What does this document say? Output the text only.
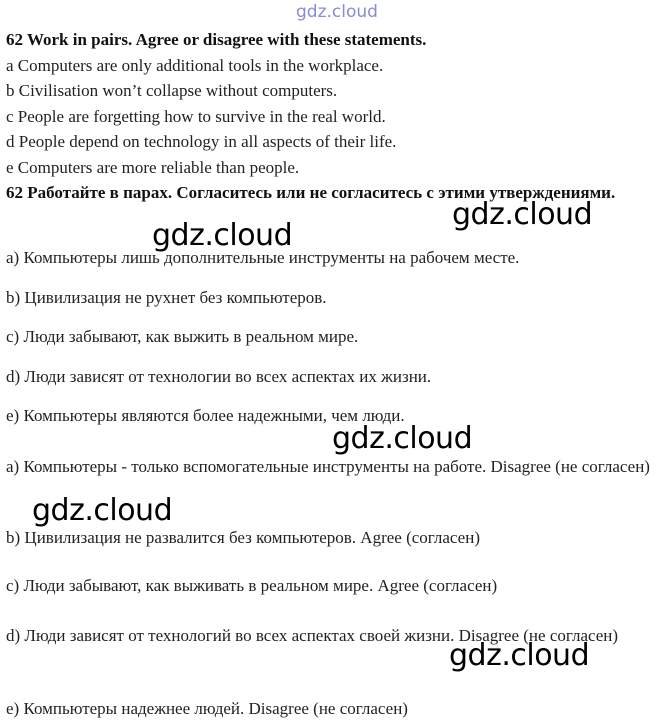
gdz.cloud
62 Work in pairs. Agree or disagree with these statements.
a Computers are only additional tools in the workplace.
b Civilisation won’t collapse without computers.
c People are forgetting how to survive in the real world.
d People depend on technology in all aspects of their life.
e Computers are more reliable than people.
62 Работайте в парах. Согласитесь или не согласитесь с этими утверждениями.
a) Компьютеры лишь дополнительные инструменты на рабочем месте.
b) Цивилизация не рухнет без компьютеров.
c) Люди забывают, как выжить в реальном мире.
d) Люди зависят от технологии во всех аспектах их жизни.
e) Компьютеры являются более надежными, чем люди.
a) Компьютеры - только вспомогательные инструменты на работе. Disagree (не согласен)
b) Цивилизация не развалится без компьютеров. Agree (согласен)
c) Люди забывают, как выживать в реальном мире. Agree (согласен)
d) Люди зависят от технологий во всех аспектах своей жизни. Disagree (не согласен)
e) Компьютеры надежнее людей. Disagree (не согласен)
gdz.cloud
gdz.cloud
gdz.cloud
gdz.cloud
gdz.cloud
